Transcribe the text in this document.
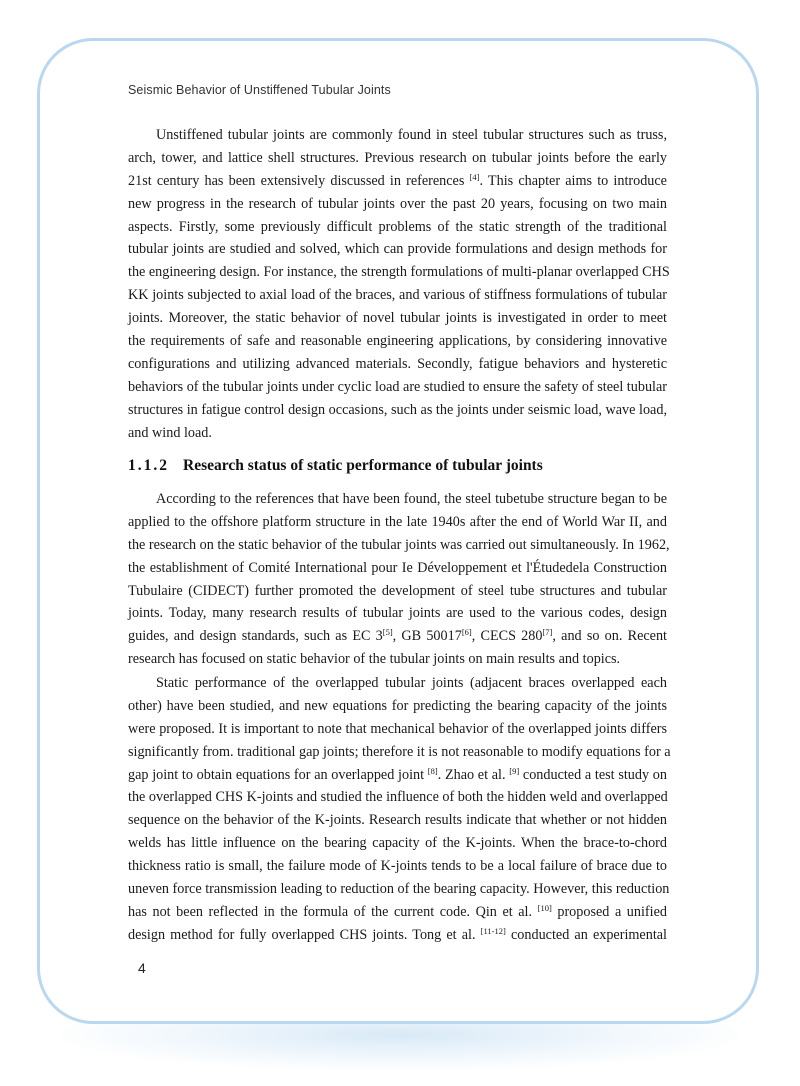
Seismic Behavior of Unstiffened Tubular Joints
Unstiffened tubular joints are commonly found in steel tubular structures such as truss,
arch, tower, and lattice shell structures. Previous research on tubular joints before the early
21st century has been extensively discussed in references [4]. This chapter aims to introduce
new progress in the research of tubular joints over the past 20 years, focusing on two main
aspects. Firstly, some previously difficult problems of the static strength of the traditional
tubular joints are studied and solved, which can provide formulations and design methods for
the engineering design. For instance, the strength formulations of multi-planar overlapped CHS
KK joints subjected to axial load of the braces, and various of stiffness formulations of tubular
joints. Moreover, the static behavior of novel tubular joints is investigated in order to meet
the requirements of safe and reasonable engineering applications, by considering innovative
configurations and utilizing advanced materials. Secondly, fatigue behaviors and hysteretic
behaviors of the tubular joints under cyclic load are studied to ensure the safety of steel tubular
structures in fatigue control design occasions, such as the joints under seismic load, wave load,
and wind load.
1.1.2 Research status of static performance of tubular joints
According to the references that have been found, the steel tubetube structure began to be
applied to the offshore platform structure in the late 1940s after the end of World War II, and
the research on the static behavior of the tubular joints was carried out simultaneously. In 1962,
the establishment of Comité International pour Ie Développement et l'Étudedela Construction
Tubulaire (CIDECT) further promoted the development of steel tube structures and tubular
joints. Today, many research results of tubular joints are used to the various codes, design
guides, and design standards, such as EC 3[5], GB 50017[6], CECS 280[7], and so on. Recent
research has focused on static behavior of the tubular joints on main results and topics.
Static performance of the overlapped tubular joints (adjacent braces overlapped each
other) have been studied, and new equations for predicting the bearing capacity of the joints
were proposed. It is important to note that mechanical behavior of the overlapped joints differs
significantly from. traditional gap joints; therefore it is not reasonable to modify equations for a
gap joint to obtain equations for an overlapped joint [8]. Zhao et al. [9] conducted a test study on
the overlapped CHS K-joints and studied the influence of both the hidden weld and overlapped
sequence on the behavior of the K-joints. Research results indicate that whether or not hidden
welds has little influence on the bearing capacity of the K-joints. When the brace-to-chord
thickness ratio is small, the failure mode of K-joints tends to be a local failure of brace due to
uneven force transmission leading to reduction of the bearing capacity. However, this reduction
has not been reflected in the formula of the current code. Qin et al. [10] proposed a unified
design method for fully overlapped CHS joints. Tong et al. [11-12] conducted an experimental
4
